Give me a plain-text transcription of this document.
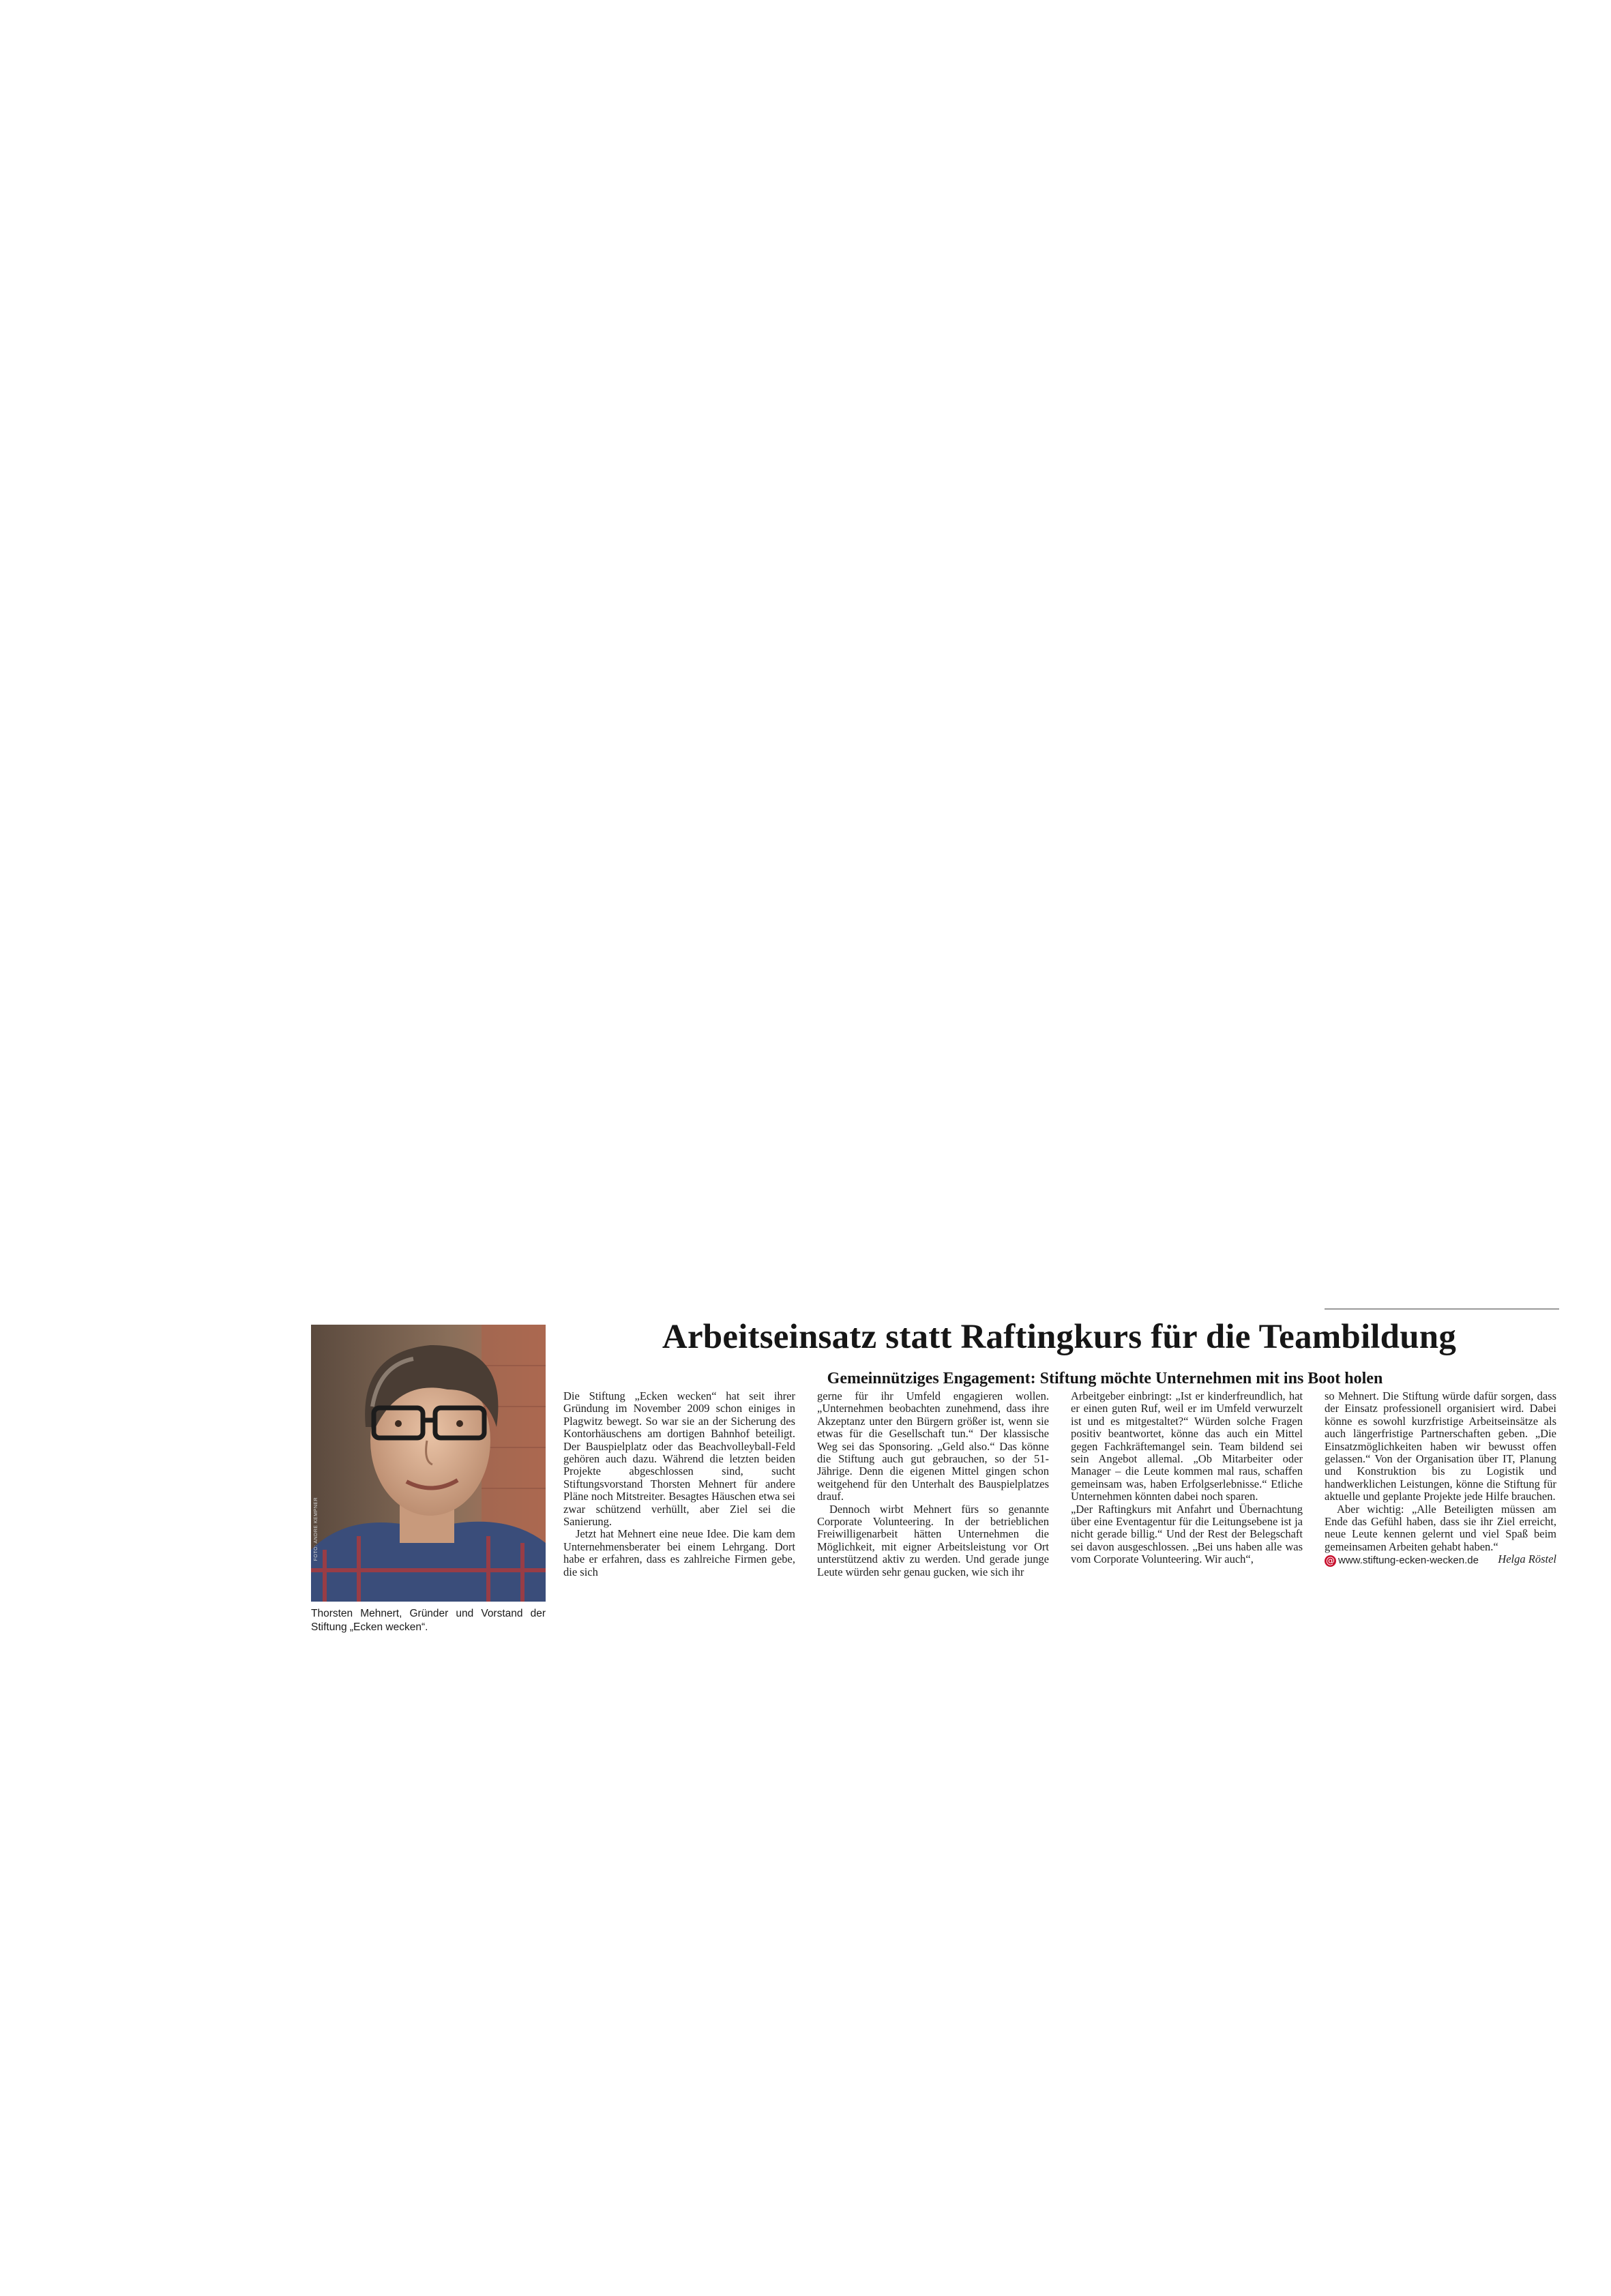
FOTO: ANDRE KEMPNER
Thorsten Mehnert, Gründer und Vorstand der Stiftung „Ecken wecken“.
Arbeitseinsatz statt Raftingkurs für die Teambildung
Gemeinnütziges Engagement: Stiftung möchte Unternehmen mit ins Boot holen

Die Stiftung „Ecken wecken“ hat seit ihrer Gründung im November 2009 schon einiges in Plagwitz bewegt. So war sie an der Sicherung des Kontorhäuschens am dortigen Bahnhof beteiligt. Der Bauspielplatz oder das Beachvolleyball-Feld gehören auch dazu. Während die letzten beiden Projekte abgeschlossen sind, sucht Stiftungsvorstand Thorsten Mehnert für andere Pläne noch Mitstreiter. Besagtes Häuschen etwa sei zwar schützend verhüllt, aber Ziel sei die Sanierung.

Jetzt hat Mehnert eine neue Idee. Die kam dem Unternehmensberater bei einem Lehrgang. Dort habe er erfahren, dass es zahlreiche Firmen gebe, die sich

gerne für ihr Umfeld engagieren wollen. „Unternehmen beobachten zunehmend, dass ihre Akzeptanz unter den Bürgern größer ist, wenn sie etwas für die Gesellschaft tun.“ Der klassische Weg sei das Sponsoring. „Geld also.“ Das könne die Stiftung auch gut gebrauchen, so der 51-Jährige. Denn die eigenen Mittel gingen schon weitgehend für den Unterhalt des Bauspielplatzes drauf.

Dennoch wirbt Mehnert fürs so genannte Corporate Volunteering. In der betrieblichen Freiwilligenarbeit hätten Unternehmen die Möglichkeit, mit eigner Arbeitsleistung vor Ort unterstützend aktiv zu werden. Und gerade junge Leute würden sehr genau gucken, wie sich ihr

Arbeitgeber einbringt: „Ist er kinderfreundlich, hat er einen guten Ruf, weil er im Umfeld verwurzelt ist und es mitgestaltet?“ Würden solche Fragen positiv beantwortet, könne das auch ein Mittel gegen Fachkräftemangel sein. Team bildend sei sein Angebot allemal. „Ob Mitarbeiter oder Manager – die Leute kommen mal raus, schaffen gemeinsam was, haben Erfolgserlebnisse.“ Etliche Unternehmen könnten dabei noch sparen.

„Der Raftingkurs mit Anfahrt und Übernachtung über eine Eventagentur für die Leitungsebene ist ja nicht gerade billig.“ Und der Rest der Belegschaft sei davon ausgeschlossen. „Bei uns haben alle was vom Corporate Volunteering. Wir auch“,

so Mehnert. Die Stiftung würde dafür sorgen, dass der Einsatz professionell organisiert wird. Dabei könne es sowohl kurzfristige Arbeitseinsätze als auch längerfristige Partnerschaften geben. „Die Einsatzmöglichkeiten haben wir bewusst offen gelassen.“ Von der Organisation über IT, Planung und Konstruktion bis zu Logistik und handwerklichen Leistungen, könne die Stiftung für aktuelle und geplante Projekte jede Hilfe brauchen.

Aber wichtig: „Alle Beteiligten müssen am Ende das Gefühl haben, dass sie ihr Ziel erreicht, neue Leute kennen gelernt und viel Spaß beim gemeinsamen Arbeiten gehabt haben.“
Helga Röstel

@ www.stiftung-ecken-wecken.de
